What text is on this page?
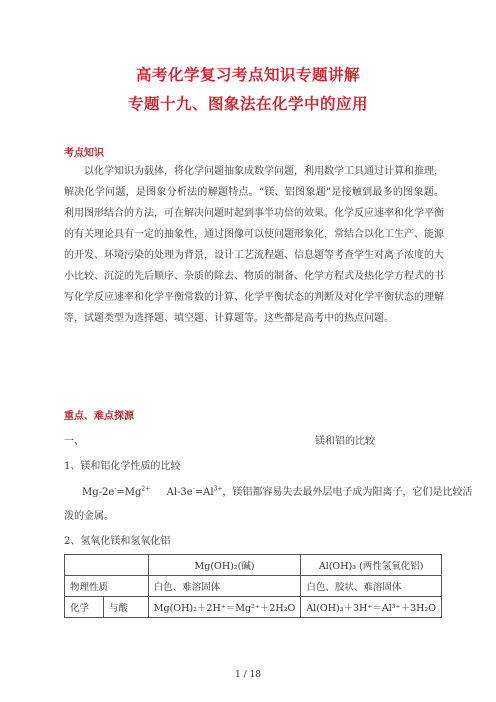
高考化学复习考点知识专题讲解
专题十九、图象法在化学中的应用
考点知识
以化学知识为载体，将化学问题抽象成数学问题，利用数学工具通过计算和推理，解决化学问题，是图象分析法的解题特点。“镁、铝图象题”是接触到最多的图象题。利用图形结合的方法，可在解决问题时起到事半功倍的效果。化学反应速率和化学平衡的有关理论具有一定的抽象性，通过图像可以使问题形象化，常结合以化工生产、能源的开发、环境污染的处理为背景，设计工艺流程题、信息题等考查学生对离子浓度的大小比较、沉淀的先后顺序、杂质的除去、物质的制备、化学方程式及热化学方程式的书写化学反应速率和化学平衡常数的计算、化学平衡状态的判断及对化学平衡状态的理解等，试题类型为选择题、填空题、计算题等。这些都是高考中的热点问题。
重点、难点探源
一、	镁和铝的比较
1、镁和铝化学性质的比较
$Mg-2e^-=Mg^{2+}$ $Al-3e^-=Al^{3+}$，镁铝都容易失去最外层电子成为阳离子，它们是比较活
泼的金属。
2、氢氧化镁和氢氧化铝
		Mg(OH)₂(碱)	Al(OH)₃ (两性氢氧化铝)
物理性质		白色、难溶固体	白色、胶状、难溶固体
化学	与酸	Mg(OH)₂＋2H⁺＝Mg²⁺＋2H₂O	Al(OH)₃＋3H⁺＝Al³⁺＋3H₂O
1 / 18
